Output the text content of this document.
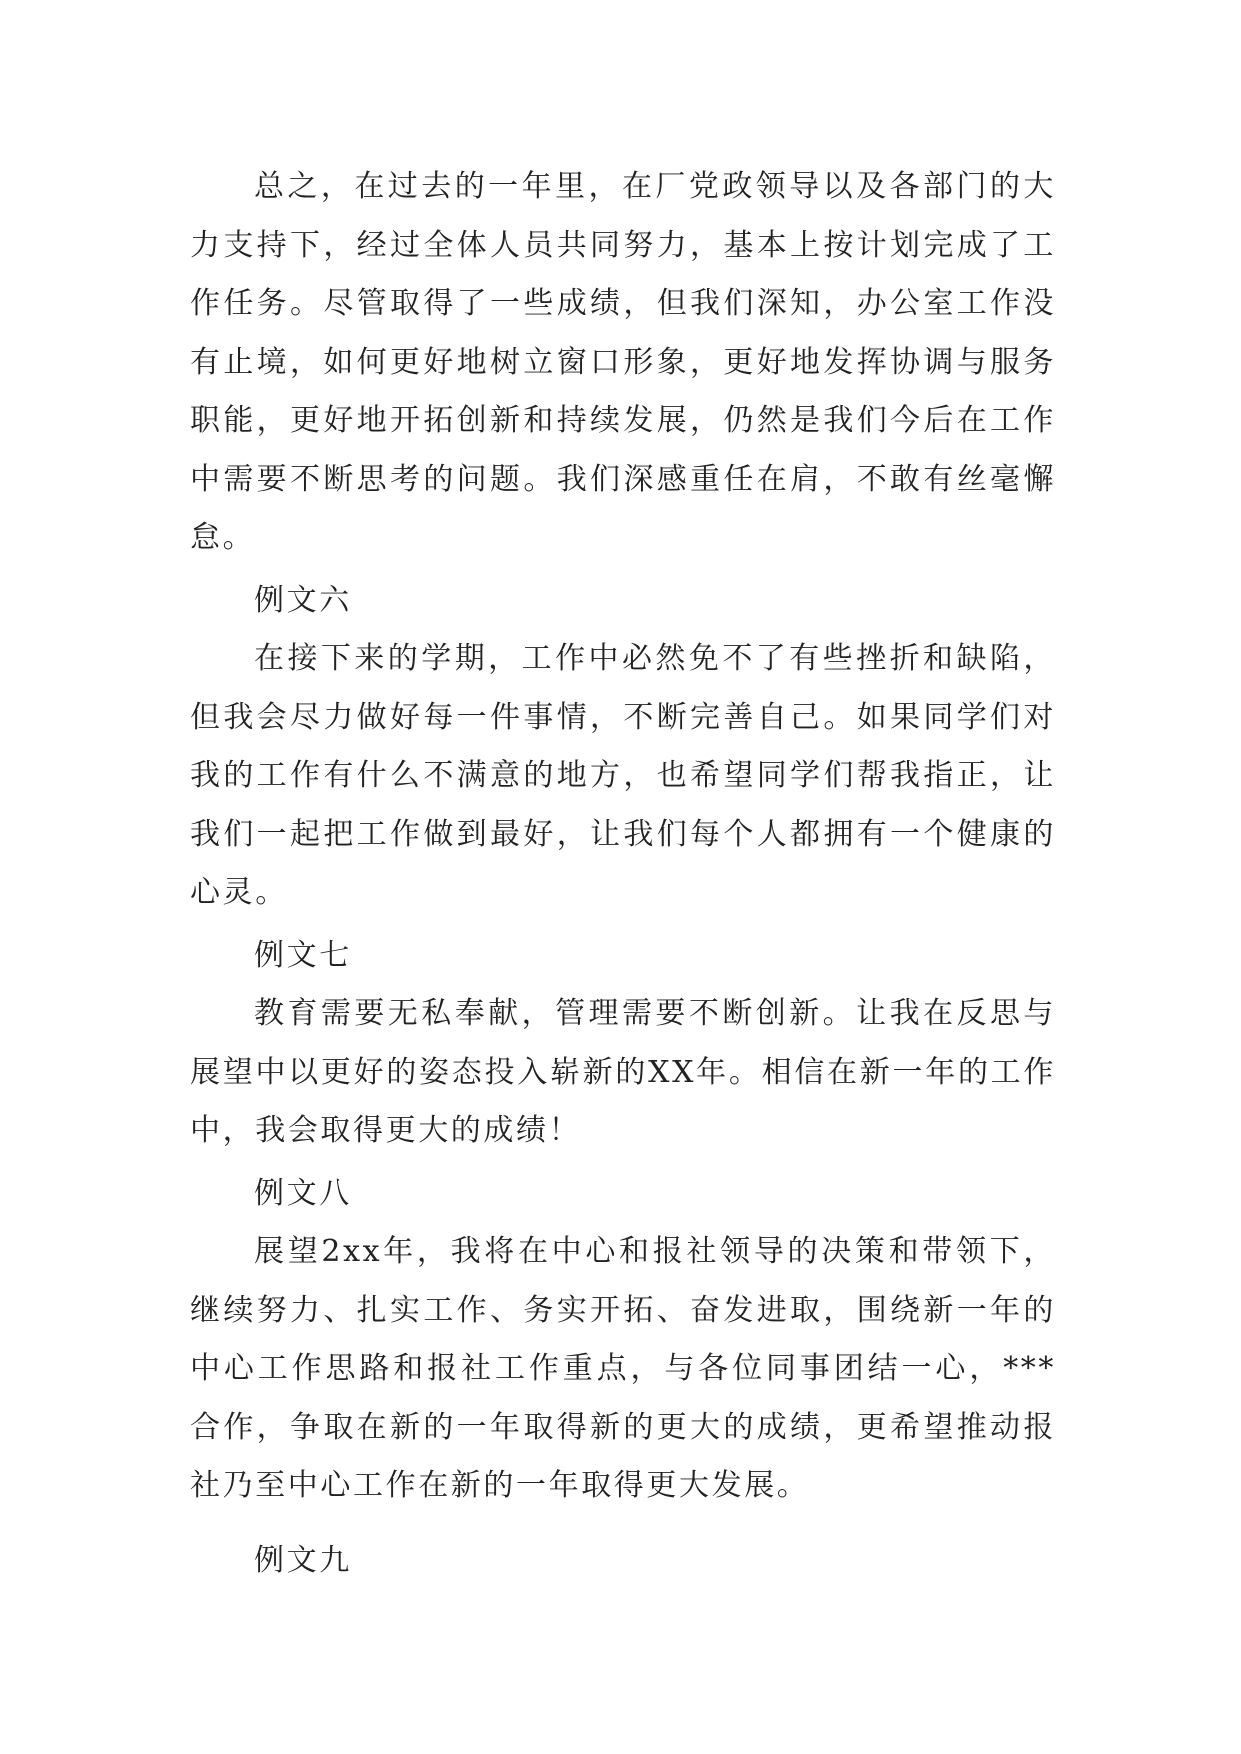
总之，在过去的一年里，在厂党政领导以及各部门的大力支持下，经过全体人员共同努力，基本上按计划完成了工作任务。尽管取得了一些成绩，但我们深知，办公室工作没有止境，如何更好地树立窗口形象，更好地发挥协调与服务职能，更好地开拓创新和持续发展，仍然是我们今后在工作中需要不断思考的问题。我们深感重任在肩，不敢有丝毫懈怠。

例文六

在接下来的学期，工作中必然免不了有些挫折和缺陷，但我会尽力做好每一件事情，不断完善自己。如果同学们对我的工作有什么不满意的地方，也希望同学们帮我指正，让我们一起把工作做到最好，让我们每个人都拥有一个健康的心灵。

例文七

教育需要无私奉献，管理需要不断创新。让我在反思与展望中以更好的姿态投入崭新的XX年。相信在新一年的工作中，我会取得更大的成绩！

例文八

展望2xx年，我将在中心和报社领导的决策和带领下，继续努力、扎实工作、务实开拓、奋发进取，围绕新一年的中心工作思路和报社工作重点，与各位同事团结一心，***合作，争取在新的一年取得新的更大的成绩，更希望推动报社乃至中心工作在新的一年取得更大发展。

例文九
